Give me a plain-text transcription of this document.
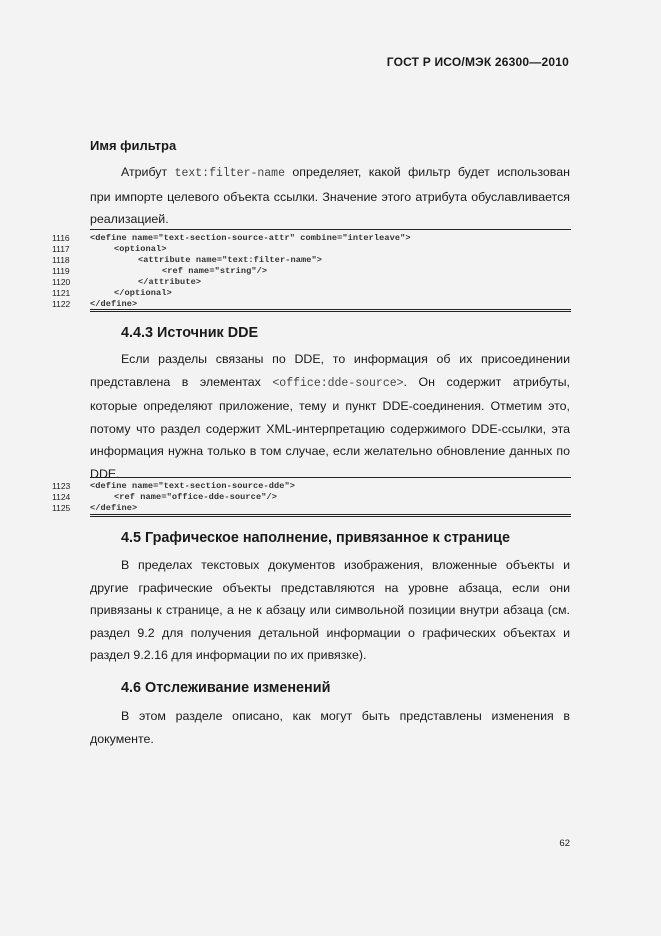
ГОСТ Р ИСО/МЭК 26300—2010
Имя фильтра

Атрибут text:filter-name определяет, какой фильтр будет использован при импорте целевого объекта ссылки. Значение этого атрибута обуславливается реализацией.

1116	<define name="text-section-source-attr" combine="interleave">
1117	<optional>
1118	<attribute name="text:filter-name">
1119	<ref name="string"/>
1120	</attribute>
1121	</optional>
1122	</define>
4.4.3 Источник DDE

Если разделы связаны по DDE, то информация об их присоединении представлена в элементах <office:dde-source>. Он содержит атрибуты, которые определяют приложение, тему и пункт DDE-соединения. Отметим это, потому что раздел содержит XML-интерпретацию содержимого DDE-ссылки, эта информация нужна только в том случае, если желательно обновление данных по DDE.

1123	<define name="text-section-source-dde">
1124	<ref name="office-dde-source"/>
1125	</define>
4.5 Графическое наполнение, привязанное к странице

В пределах текстовых документов изображения, вложенные объекты и другие графические объекты представляются на уровне абзаца, если они привязаны к странице, а не к абзацу или символьной позиции внутри абзаца (см. раздел 9.2 для получения детальной информации о графических объектах и раздел 9.2.16 для информации по их привязке).

4.6 Отслеживание изменений

В этом разделе описано, как могут быть представлены изменения в документе.

62
